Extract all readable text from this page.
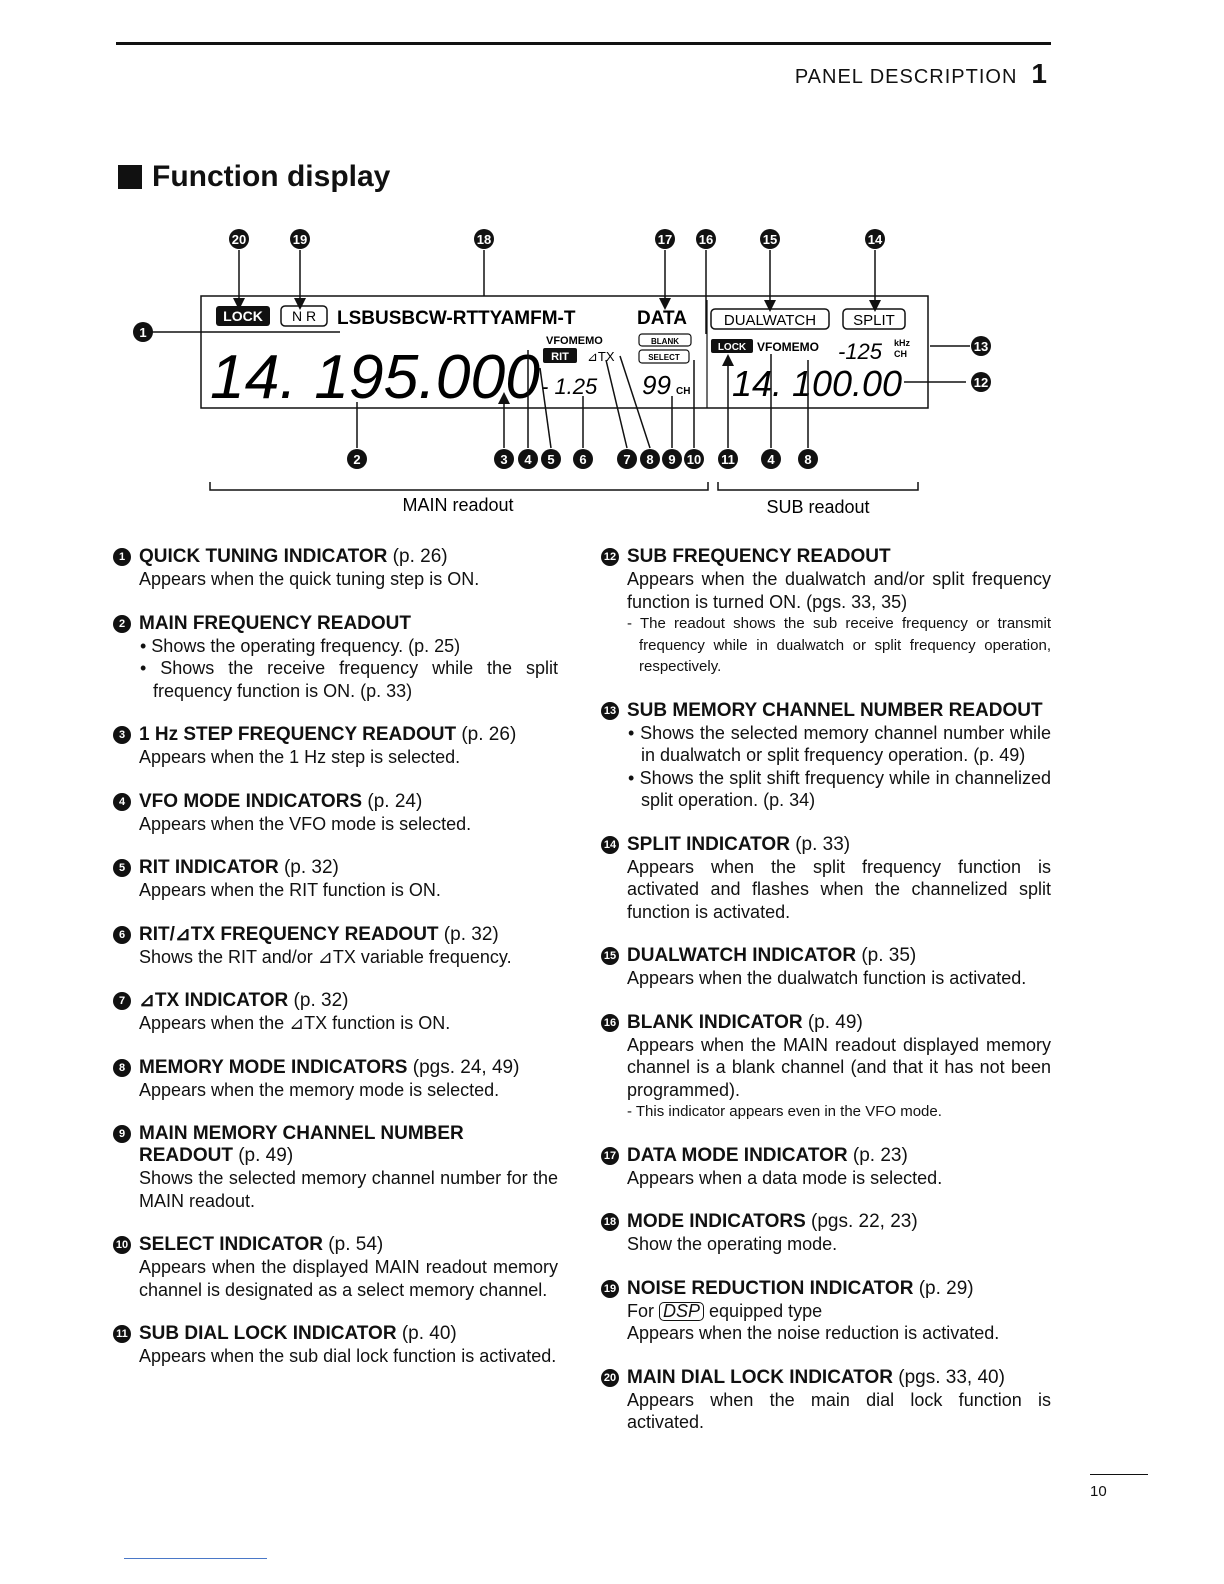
PANEL DESCRIPTION 1
Function display
LOCK N R LSBUSBCW-RTTYAMFM-T	DATA DUALWATCH SPLIT
VFOMEMO	BLANK
RIT ⊿TX	SELECT
LOCK VFOMEMO -125 kHz
CH
14. 195.000 - 1.25 99 CH 14. 100.00
20	19	18	17 16	15	14
1
13
12
2	3 4 5 6	7 8 9 10 11	4 8
MAIN readout	SUB readout
1 QUICK TUNING INDICATOR (p. 26)
Appears when the quick tuning step is ON.
2 MAIN FREQUENCY READOUT
• Shows the operating frequency. (p. 25)
• Shows the receive frequency while the split frequency function is ON. (p. 33)
3 1 Hz STEP FREQUENCY READOUT (p. 26)
Appears when the 1 Hz step is selected.
4 VFO MODE INDICATORS (p. 24)
Appears when the VFO mode is selected.
5 RIT INDICATOR (p. 32)
Appears when the RIT function is ON.
6 RIT/⊿TX FREQUENCY READOUT (p. 32)
Shows the RIT and/or ⊿TX variable frequency.
7 ⊿TX INDICATOR (p. 32)
Appears when the ⊿TX function is ON.
8 MEMORY MODE INDICATORS (pgs. 24, 49)
Appears when the memory mode is selected.
9 MAIN MEMORY CHANNEL NUMBER READOUT (p. 49)
Shows the selected memory channel number for the MAIN readout.
10 SELECT INDICATOR (p. 54)
Appears when the displayed MAIN readout memory channel is designated as a select memory channel.
11 SUB DIAL LOCK INDICATOR (p. 40)
Appears when the sub dial lock function is activated.
12 SUB FREQUENCY READOUT
Appears when the dualwatch and/or split frequency function is turned ON. (pgs. 33, 35)
- The readout shows the sub receive frequency or transmit frequency while in dualwatch or split frequency operation, respectively.
13 SUB MEMORY CHANNEL NUMBER READOUT
• Shows the selected memory channel number while in dualwatch or split frequency operation. (p. 49)
• Shows the split shift frequency while in channelized split operation. (p. 34)
14 SPLIT INDICATOR (p. 33)
Appears when the split frequency function is activated and flashes when the channelized split function is activated.
15 DUALWATCH INDICATOR (p. 35)
Appears when the dualwatch function is activated.
16 BLANK INDICATOR (p. 49)
Appears when the MAIN readout displayed memory channel is a blank channel (and that it has not been programmed).
- This indicator appears even in the VFO mode.
17 DATA MODE INDICATOR (p. 23)
Appears when a data mode is selected.
18 MODE INDICATORS (pgs. 22, 23)
Show the operating mode.
19 NOISE REDUCTION INDICATOR (p. 29)
For DSP equipped type
Appears when the noise reduction is activated.
20 MAIN DIAL LOCK INDICATOR (pgs. 33, 40)
Appears when the main dial lock function is activated.
10
